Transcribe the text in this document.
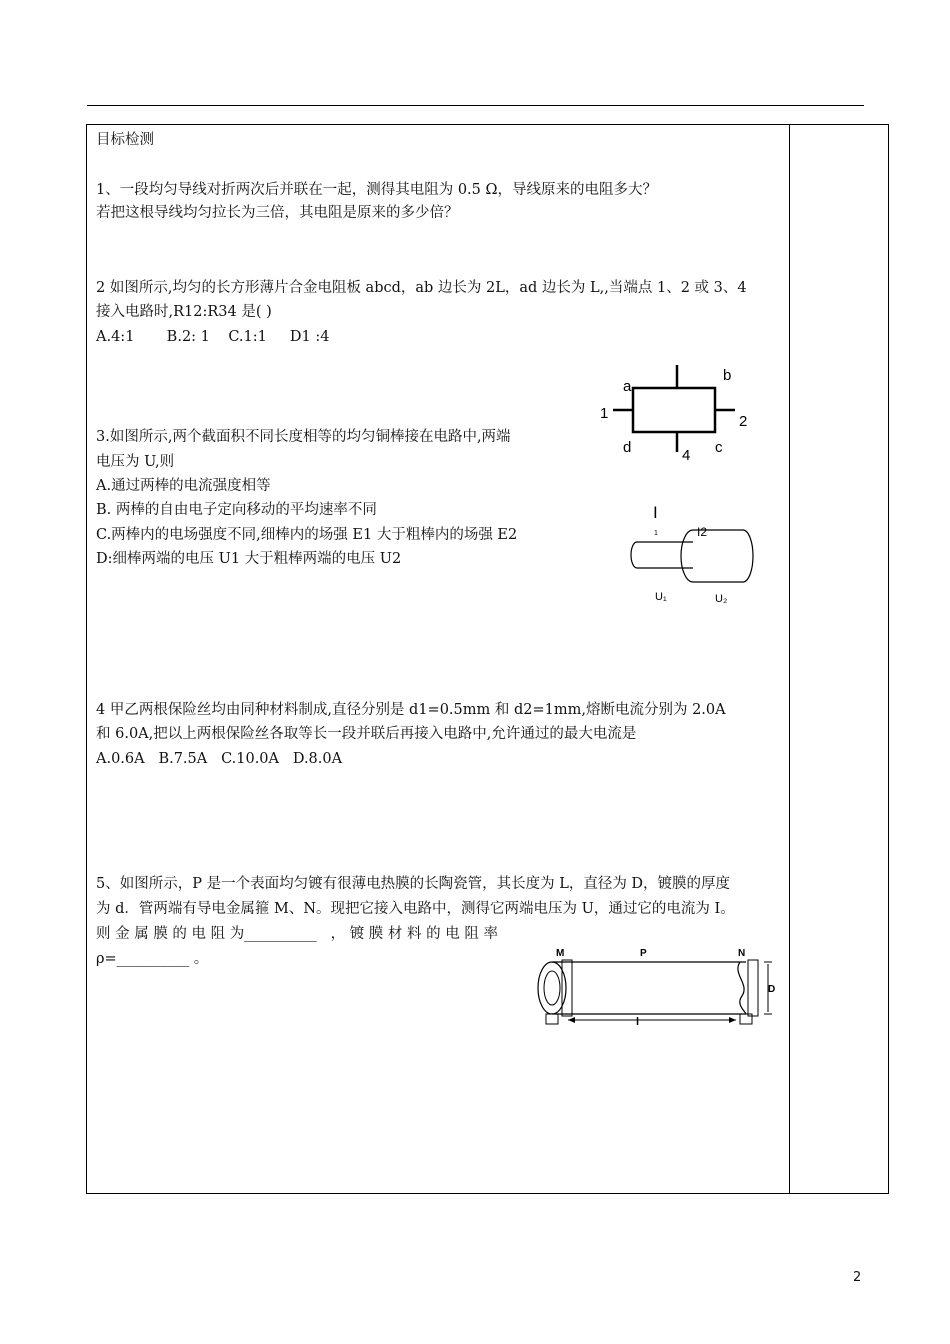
目标检测
1、一段均匀导线对折两次后并联在一起，测得其电阻为 0.5 Ω，导线原来的电阻多大？
若把这根导线均匀拉长为三倍，其电阻是原来的多少倍？
2 如图所示,均匀的长方形薄片合金电阻板 abcd，ab 边长为 2L，ad 边长为 L,,当端点 1、2 或 3、4
接入电路时,R12:R34 是( )
A.4:1       B.2: 1    C.1:1     D1 :4
a
b
c
d
1	2
4
3.如图所示,两个截面积不同长度相等的均匀铜棒接在电路中,两端
电压为 U,则
A.通过两棒的电流强度相等
B. 两棒的自由电子定向移动的平均速率不同
C.两棒内的电场强度不同,细棒内的场强 E1 大于粗棒内的场强 E2
D:细棒两端的电压 U1 大于粗棒两端的电压 U2
I
1	I2
U₁	U₂
4 甲乙两根保险丝均由同种材料制成,直径分别是 d1=0.5mm 和 d2=1mm,熔断电流分别为 2.0A
和 6.0A,把以上两根保险丝各取等长一段并联后再接入电路中,允许通过的最大电流是
A.0.6A   B.7.5A   C.10.0A   D.8.0A
5、如图所示，P 是一个表面均匀镀有很薄电热膜的长陶瓷管，其长度为 L，直径为 D，镀膜的厚度
为 d．管两端有导电金属箍 M、N。现把它接入电路中，测得它两端电压为 U，通过它的电流为 I。
则 金 属 膜 的 电 阻 为__________   ， 镀 膜 材 料 的 电 阻 率
ρ=__________ 。	M	P	N
D
l
2
